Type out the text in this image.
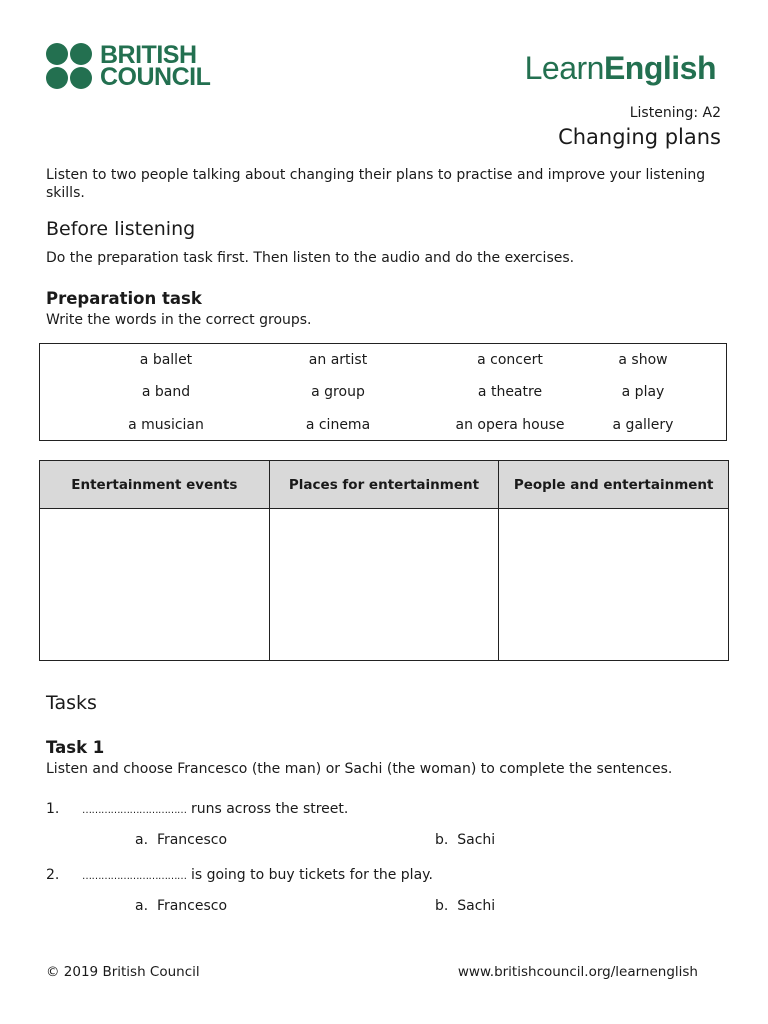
BRITISH
COUNCIL	LearnEnglish
Listening: A2
Changing plans
Listen to two people talking about changing their plans to practise and improve your listening skills.
Before listening
Do the preparation task first. Then listen to the audio and do the exercises.
Preparation task
Write the words in the correct groups.
a ballet	an artist	a concert	a show
a band	a group	a theatre	a play
a musician	a cinema	an opera house	a gallery
Entertainment events	Places for entertainment	People and entertainment

Tasks
Task 1
Listen and choose Francesco (the man) or Sachi (the woman) to complete the sentences.
1. …………………………… runs across the street.
a. Francesco	b. Sachi
2. …………………………… is going to buy tickets for the play.
a. Francesco	b. Sachi
© 2019 British Council	www.britishcouncil.org/learnenglish
